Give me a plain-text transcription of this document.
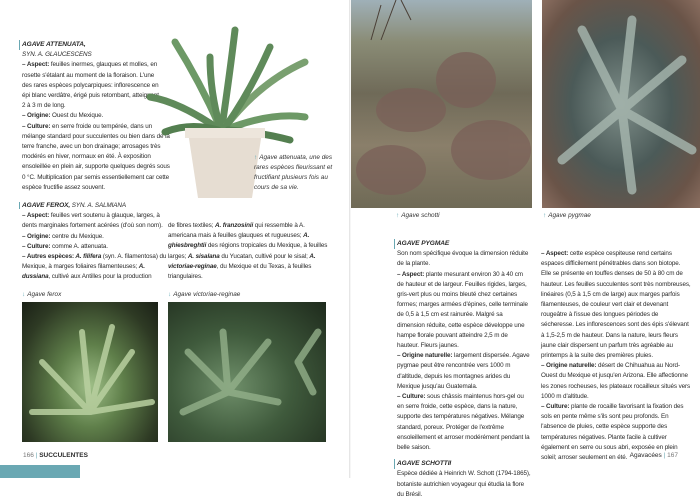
AGAVE ATTENUATA,
SYN. A. GLAUCESCENS
– Aspect: feuilles inermes, glauques et molles, en rosette s'étalant au moment de la floraison. L'une des rares espèces polycarpiques: inflorescence en épi blanc verdâtre, érigé puis retombant, atteignant 2 à 3 m de long.
– Origine: Ouest du Mexique.
– Culture: en serre froide ou tempérée, dans un mélange standard pour succulentes ou bien dans de la terre franche, avec un bon drainage; arrosages très modérés en hiver, normaux en été. À exposition ensoleillée en plein air, supporte quelques degrés sous 0 °C. Multiplication par semis essentiellement car cette espèce fructifie assez souvent.
↑ Agave attenuata, une des rares espèces fleurissant et fructifiant plusieurs fois au cours de sa vie.
AGAVE FEROX, SYN. A. SALMIANA
– Aspect: feuilles vert soutenu à glauque, larges, à dents marginales fortement acérées (d'où son nom).
– Origine: centre du Mexique.
– Culture: comme A. attenuata.
– Autres espèces: A. filifera (syn. A. filamentosa) du Mexique, à marges foliaires filamenteuses; A. dussiana, cultivé aux Antilles pour la production
de fibres textiles; A. franzosinii qui ressemble à A. americana mais à feuilles glauques et rugueuses; A. ghiesbreghtii des régions tropicales du Mexique, à feuilles larges; A. sisalana du Yucatan, cultivé pour le sisal; A. victoriae-reginae, du Mexique et du Texas, à feuilles triangulaires.
↓ Agave ferox	↓ Agave victoriae-reginae
166 | SUCCULENTES
↑ Agave schotti	↑ Agave pygmae
AGAVE PYGMAE
Son nom spécifique évoque la dimension réduite de la plante.
– Aspect: plante mesurant environ 30 à 40 cm de hauteur et de largeur. Feuilles rigides, larges, gris-vert plus ou moins bleuté chez certaines formes; marges armées d'épines, celle terminale de 0,5 à 1,5 cm est rainurée. Malgré sa dimension réduite, cette espèce développe une hampe florale pouvant atteindre 2,5 m de hauteur. Fleurs jaunes.
– Origine naturelle: largement dispersée. Agave pygmae peut être rencontrée vers 1000 m d'altitude, depuis les montagnes arides du Mexique jusqu'au Guatemala.
– Culture: sous châssis maintenus hors-gel ou en serre froide, cette espèce, dans la nature, supporte des températures négatives. Mélange standard, poreux. Protéger de l'extrême ensoleillement et arroser modérément pendant la belle saison.
AGAVE SCHOTTII
Espèce dédiée à Heinrich W. Schott (1794-1865), botaniste autrichien voyageur qui étudia la flore du Brésil.
– Aspect: cette espèce cespiteuse rend certains espaces difficilement pénétrables dans son biotope. Elle se présente en touffes denses de 50 à 80 cm de hauteur. Les feuilles succulentes sont très nombreuses, linéaires (0,5 à 1,5 cm de large) aux marges parfois filamenteuses, de couleur vert clair et devenant rougeâtre à l'issue des longues périodes de sécheresse. Les inflorescences sont des épis s'élevant à 1,5-2,5 m de hauteur. Dans la nature, leurs fleurs jaune clair dispersent un parfum très agréable au printemps à la suite des premières pluies.
– Origine naturelle: désert de Chihuahua au Nord-Ouest du Mexique et jusqu'en Arizona. Elle affectionne les zones rocheuses, les plateaux rocailleux situés vers 1000 m d'altitude.
– Culture: plante de rocaille favorisant la fixation des sols en pente même s'ils sont peu profonds. En l'absence de pluies, cette espèce supporte des températures négatives. Plante facile à cultiver également en serre ou sous abri, exposée en plein soleil; arroser seulement en été. Agavacées | 167
